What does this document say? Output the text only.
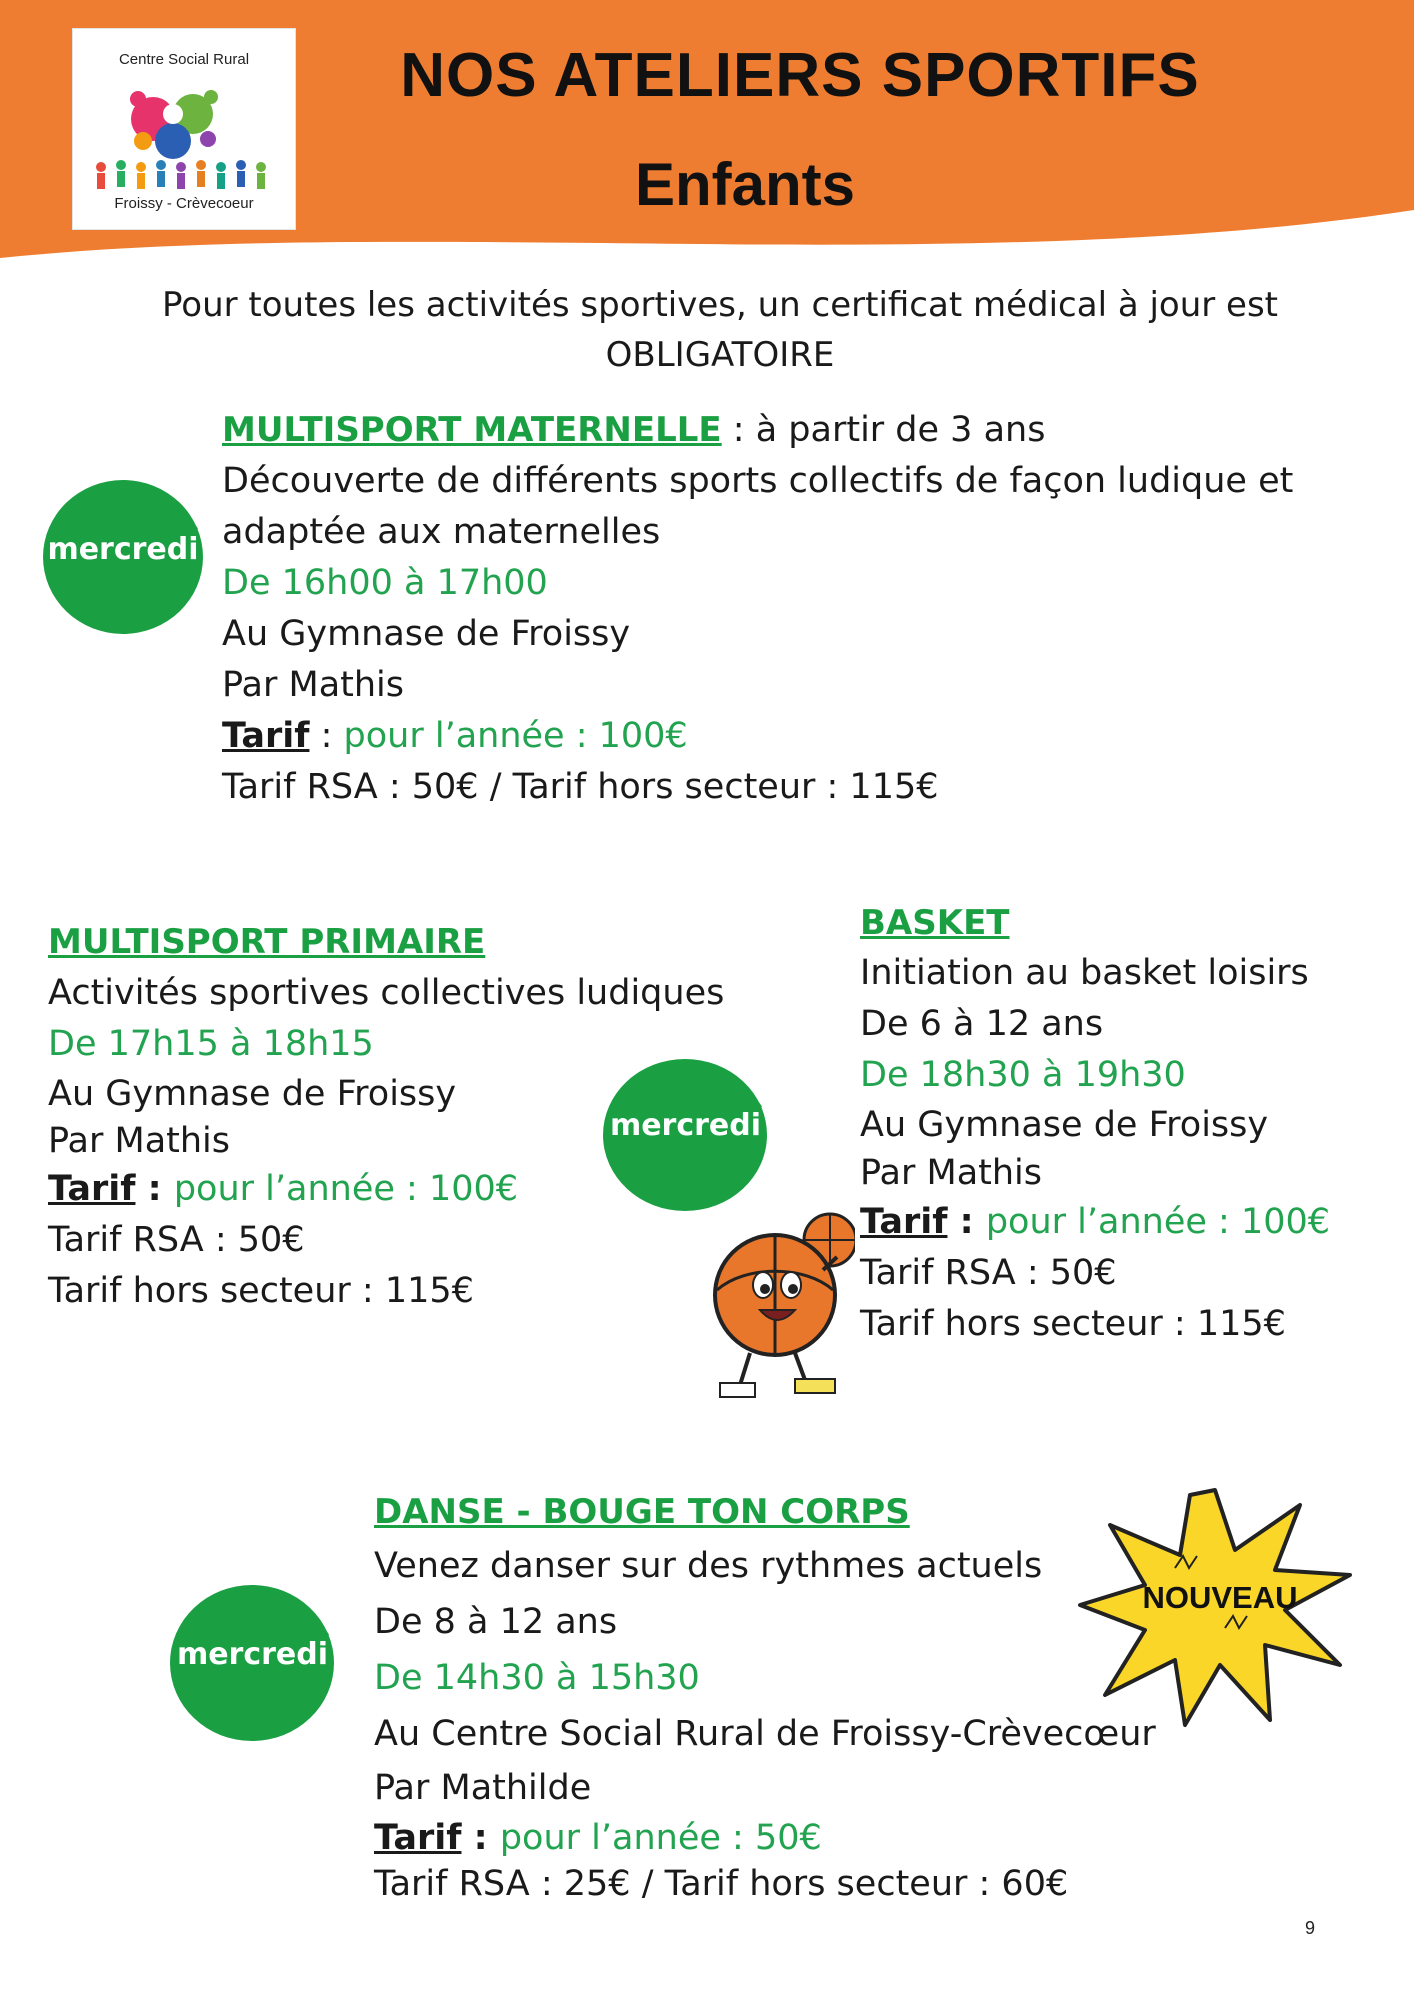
Centre Social Rural
Froissy - Crèvecoeur
NOS ATELIERS SPORTIFS
Enfants
Pour toutes les activités sportives, un certificat médical à jour est
OBLIGATOIRE
mercredi
MULTISPORT MATERNELLE : à partir de 3 ans
Découverte de différents sports collectifs de façon ludique et
adaptée aux maternelles
De 16h00 à 17h00
Au Gymnase de Froissy
Par Mathis
Tarif : pour l’année : 100€
Tarif RSA : 50€ / Tarif hors secteur : 115€
MULTISPORT PRIMAIRE
Activités sportives collectives ludiques
De 17h15 à 18h15
Au Gymnase de Froissy
Par Mathis
Tarif : pour l’année : 100€
Tarif RSA : 50€
Tarif hors secteur : 115€
mercredi
BASKET
Initiation au basket loisirs
De 6 à 12 ans
De 18h30 à 19h30
Au Gymnase de Froissy
Par Mathis
Tarif : pour l’année : 100€
Tarif RSA : 50€
Tarif hors secteur : 115€
mercredi
DANSE - BOUGE TON CORPS
Venez danser sur des rythmes actuels
De 8 à 12 ans
De 14h30 à 15h30
Au Centre Social Rural de Froissy-Crèvecœur
Par Mathilde
Tarif : pour l’année : 50€
Tarif RSA : 25€ / Tarif hors secteur : 60€
NOUVEAU
9
